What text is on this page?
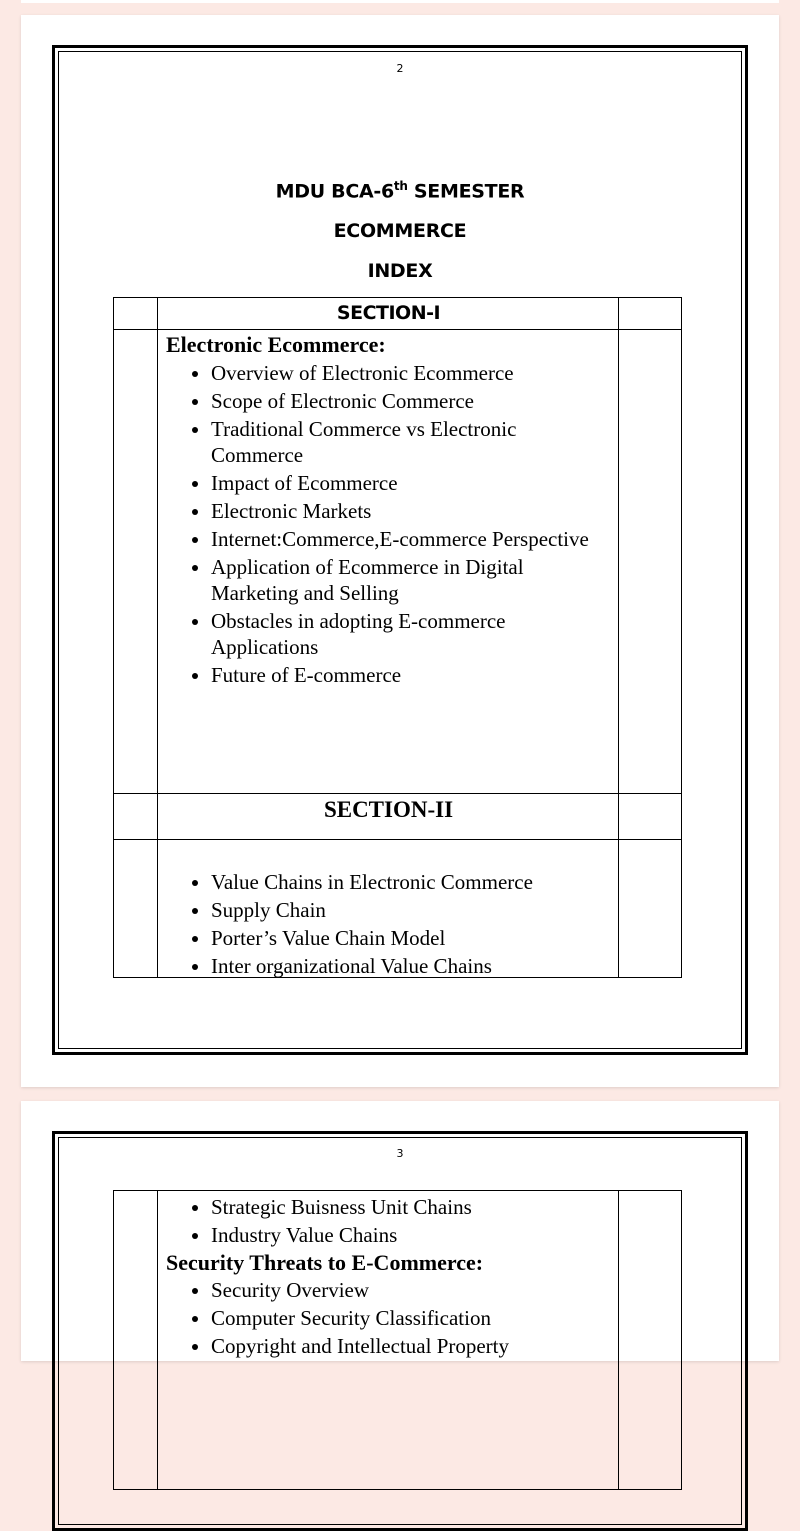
2
MDU BCA-6th SEMESTER
ECOMMERCE
INDEX
SECTION-I
Electronic Ecommerce:
• Overview of Electronic Ecommerce
• Scope of Electronic Commerce
• Traditional Commerce vs Electronic Commerce
• Impact of Ecommerce
• Electronic Markets
• Internet:Commerce,E-commerce Perspective
• Application of Ecommerce in Digital Marketing and Selling
• Obstacles in adopting E-commerce Applications
• Future of E-commerce
SECTION-II
• Value Chains in Electronic Commerce
• Supply Chain
• Porter’s Value Chain Model
• Inter organizational Value Chains
3
• Strategic Buisness Unit Chains
• Industry Value Chains
Security Threats to E-Commerce:
• Security Overview
• Computer Security Classification
• Copyright and Intellectual Property
